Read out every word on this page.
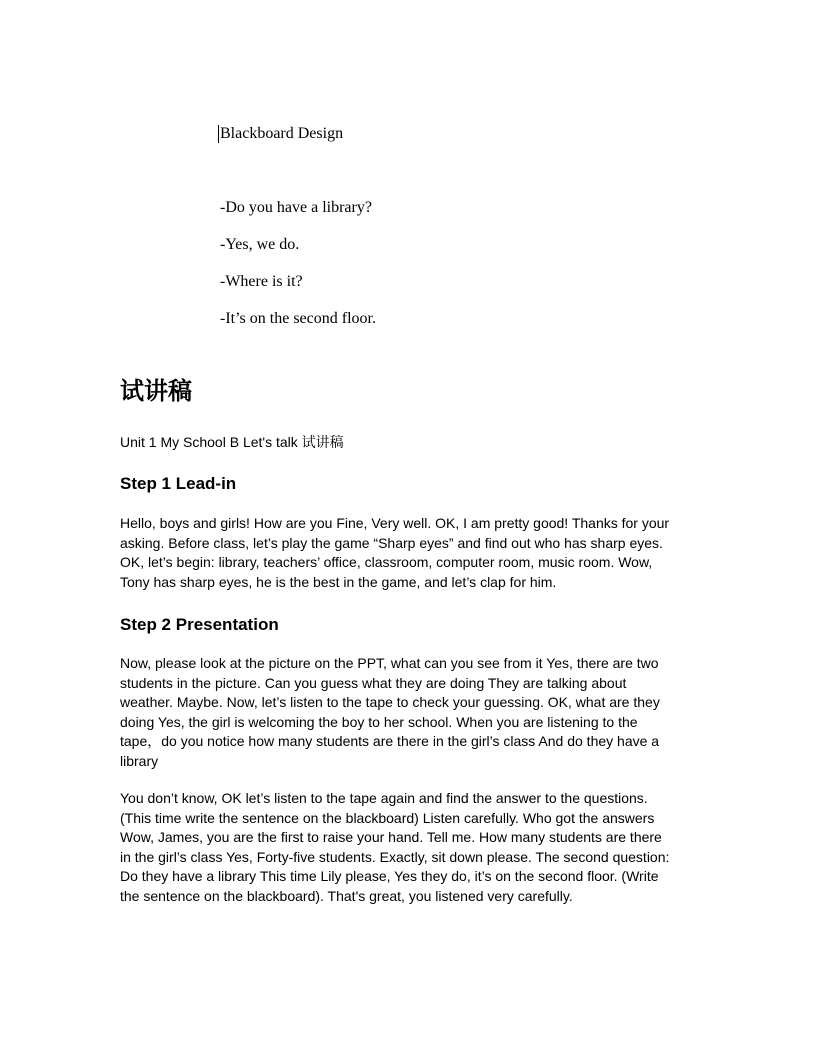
Blackboard Design
-Do you have a library?
-Yes, we do.
-Where is it?
-It’s on the second floor.
试讲稿
Unit 1 My School B Let's talk 试讲稿
Step 1 Lead-in

Hello, boys and girls! How are you Fine, Very well. OK, I am pretty good! Thanks for your

asking. Before class, let’s play the game “Sharp eyes” and find out who has sharp eyes.

OK, let’s begin: library, teachers’ office, classroom, computer room, music room. Wow,

Tony has sharp eyes, he is the best in the game, and let’s clap for him.

Step 2 Presentation

Now, please look at the picture on the PPT, what can you see from it Yes, there are two

students in the picture. Can you guess what they are doing They are talking about

weather. Maybe. Now, let’s listen to the tape to check your guessing. OK, what are they

doing Yes, the girl is welcoming the boy to her school. When you are listening to the

tape，do you notice how many students are there in the girl’s class And do they have a

library

You don’t know, OK let’s listen to the tape again and find the answer to the questions.

(This time write the sentence on the blackboard) Listen carefully. Who got the answers

Wow, James, you are the first to raise your hand. Tell me. How many students are there

in the girl’s class Yes, Forty-five students. Exactly, sit down please. The second question:

Do they have a library This time Lily please, Yes they do, it’s on the second floor. (Write

the sentence on the blackboard). That's great, you listened very carefully.
